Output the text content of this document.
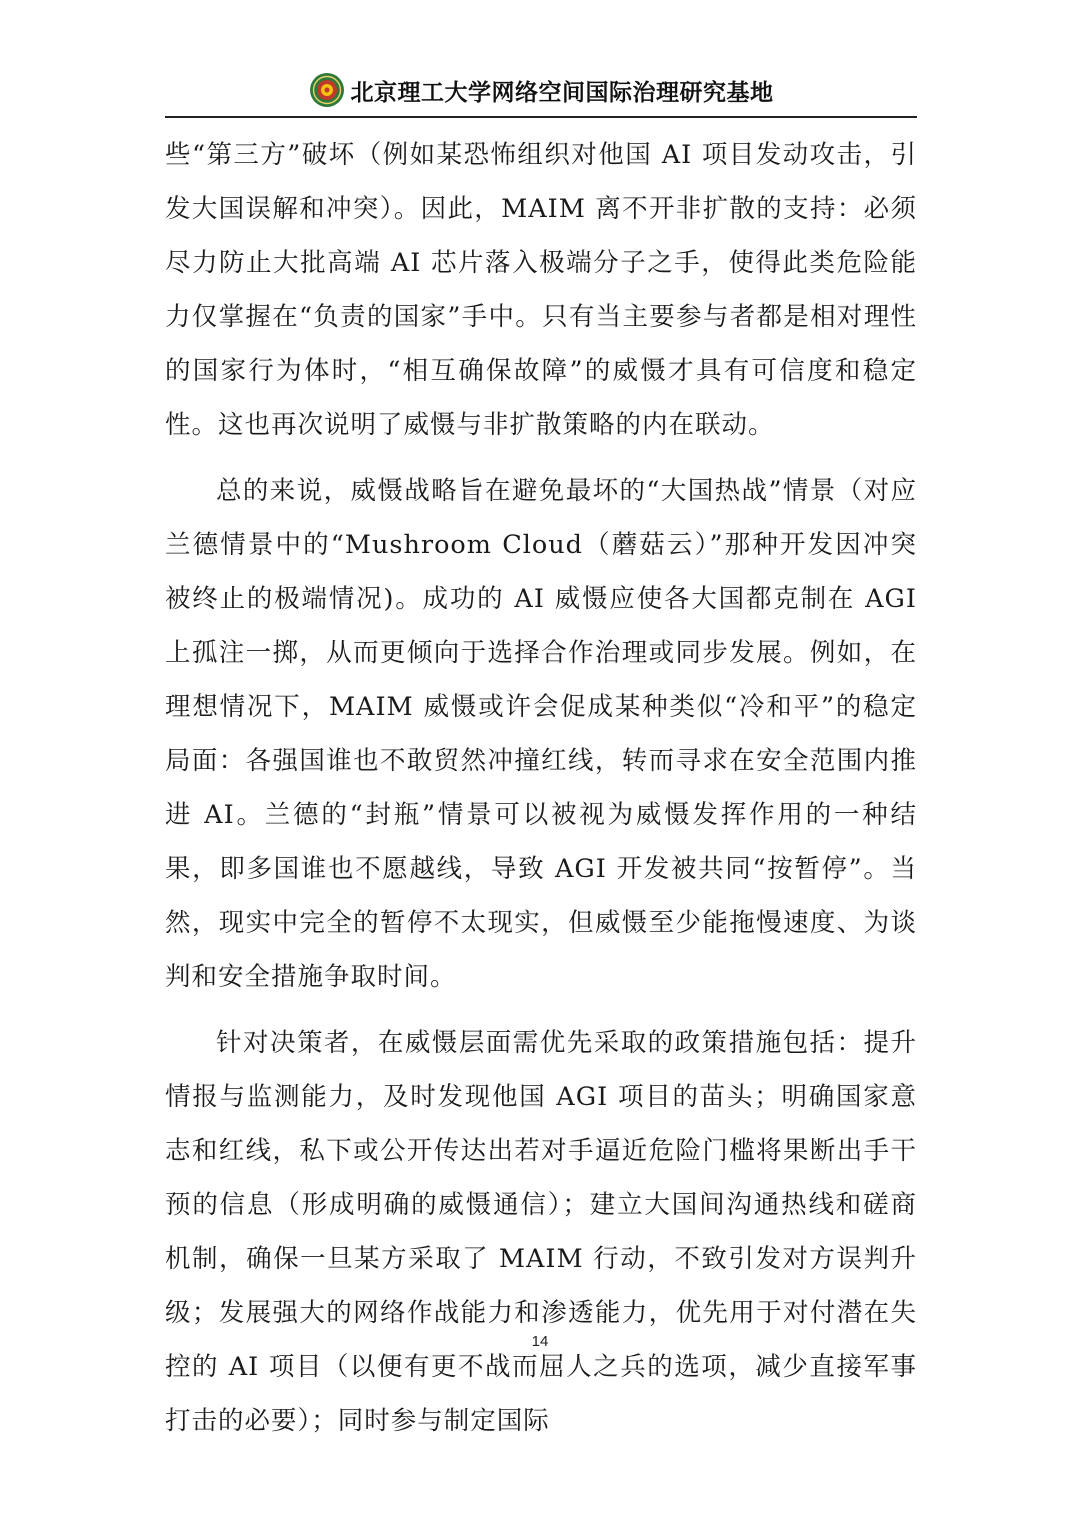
北京理工大学网络空间国际治理研究基地

些“第三方”破坏（例如某恐怖组织对他国 AI 项目发动攻击，引发大国误解和冲突）。因此，MAIM 离不开非扩散的支持：必须尽力防止大批高端 AI 芯片落入极端分子之手，使得此类危险能力仅掌握在“负责的国家”手中。只有当主要参与者都是相对理性的国家行为体时，“相互确保故障”的威慑才具有可信度和稳定性。这也再次说明了威慑与非扩散策略的内在联动。

总的来说，威慑战略旨在避免最坏的“大国热战”情景（对应兰德情景中的“Mushroom Cloud（蘑菇云）”那种开发因冲突被终止的极端情况)。成功的 AI 威慑应使各大国都克制在 AGI 上孤注一掷，从而更倾向于选择合作治理或同步发展。例如，在理想情况下，MAIM 威慑或许会促成某种类似“冷和平”的稳定局面：各强国谁也不敢贸然冲撞红线，转而寻求在安全范围内推进 AI。兰德的“封瓶”情景可以被视为威慑发挥作用的一种结果，即多国谁也不愿越线，导致 AGI 开发被共同“按暂停”。当然，现实中完全的暂停不太现实，但威慑至少能拖慢速度、为谈判和安全措施争取时间。

针对决策者，在威慑层面需优先采取的政策措施包括：提升情报与监测能力，及时发现他国 AGI 项目的苗头；明确国家意志和红线，私下或公开传达出若对手逼近危险门槛将果断出手干预的信息（形成明确的威慑通信）；建立大国间沟通热线和磋商机制，确保一旦某方采取了 MAIM 行动，不致引发对方误判升级；发展强大的网络作战能力和渗透能力，优先用于对付潜在失控的 AI 项目（以便有更不战而屈人之兵的选项，减少直接军事打击的必要）；同时参与制定国际

14
